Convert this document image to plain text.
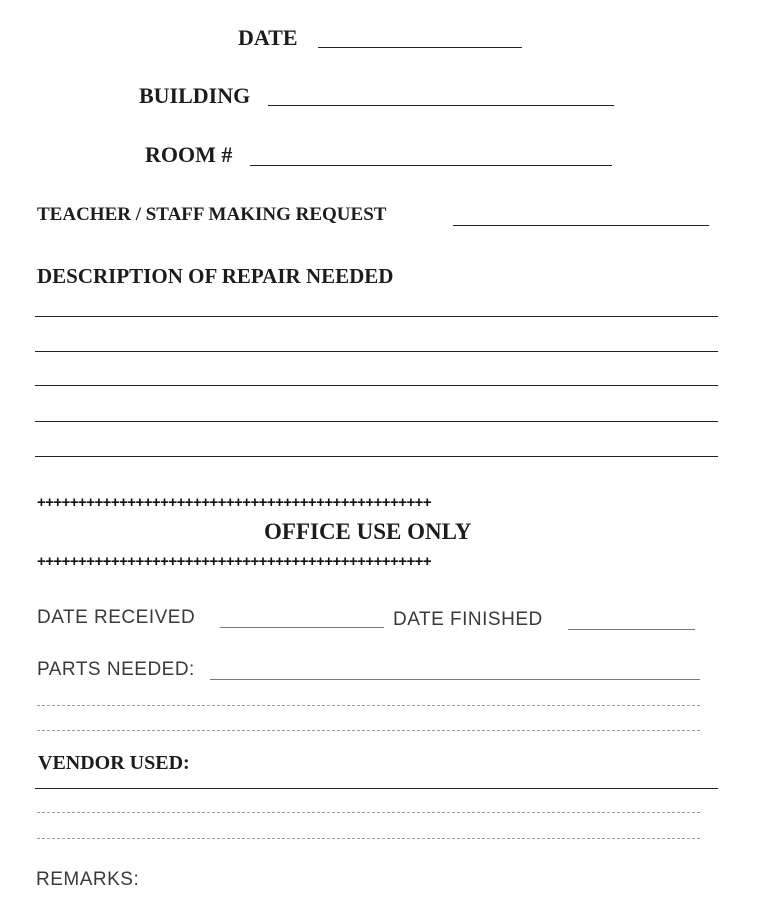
DATE
BUILDING
ROOM #
TEACHER / STAFF MAKING REQUEST
DESCRIPTION OF REPAIR NEEDED
++++++++++++++++++++++++++++++++++++++++++++++++
OFFICE USE ONLY
++++++++++++++++++++++++++++++++++++++++++++++++
DATE RECEIVED	DATE FINISHED
PARTS NEEDED:
VENDOR USED:
REMARKS:
